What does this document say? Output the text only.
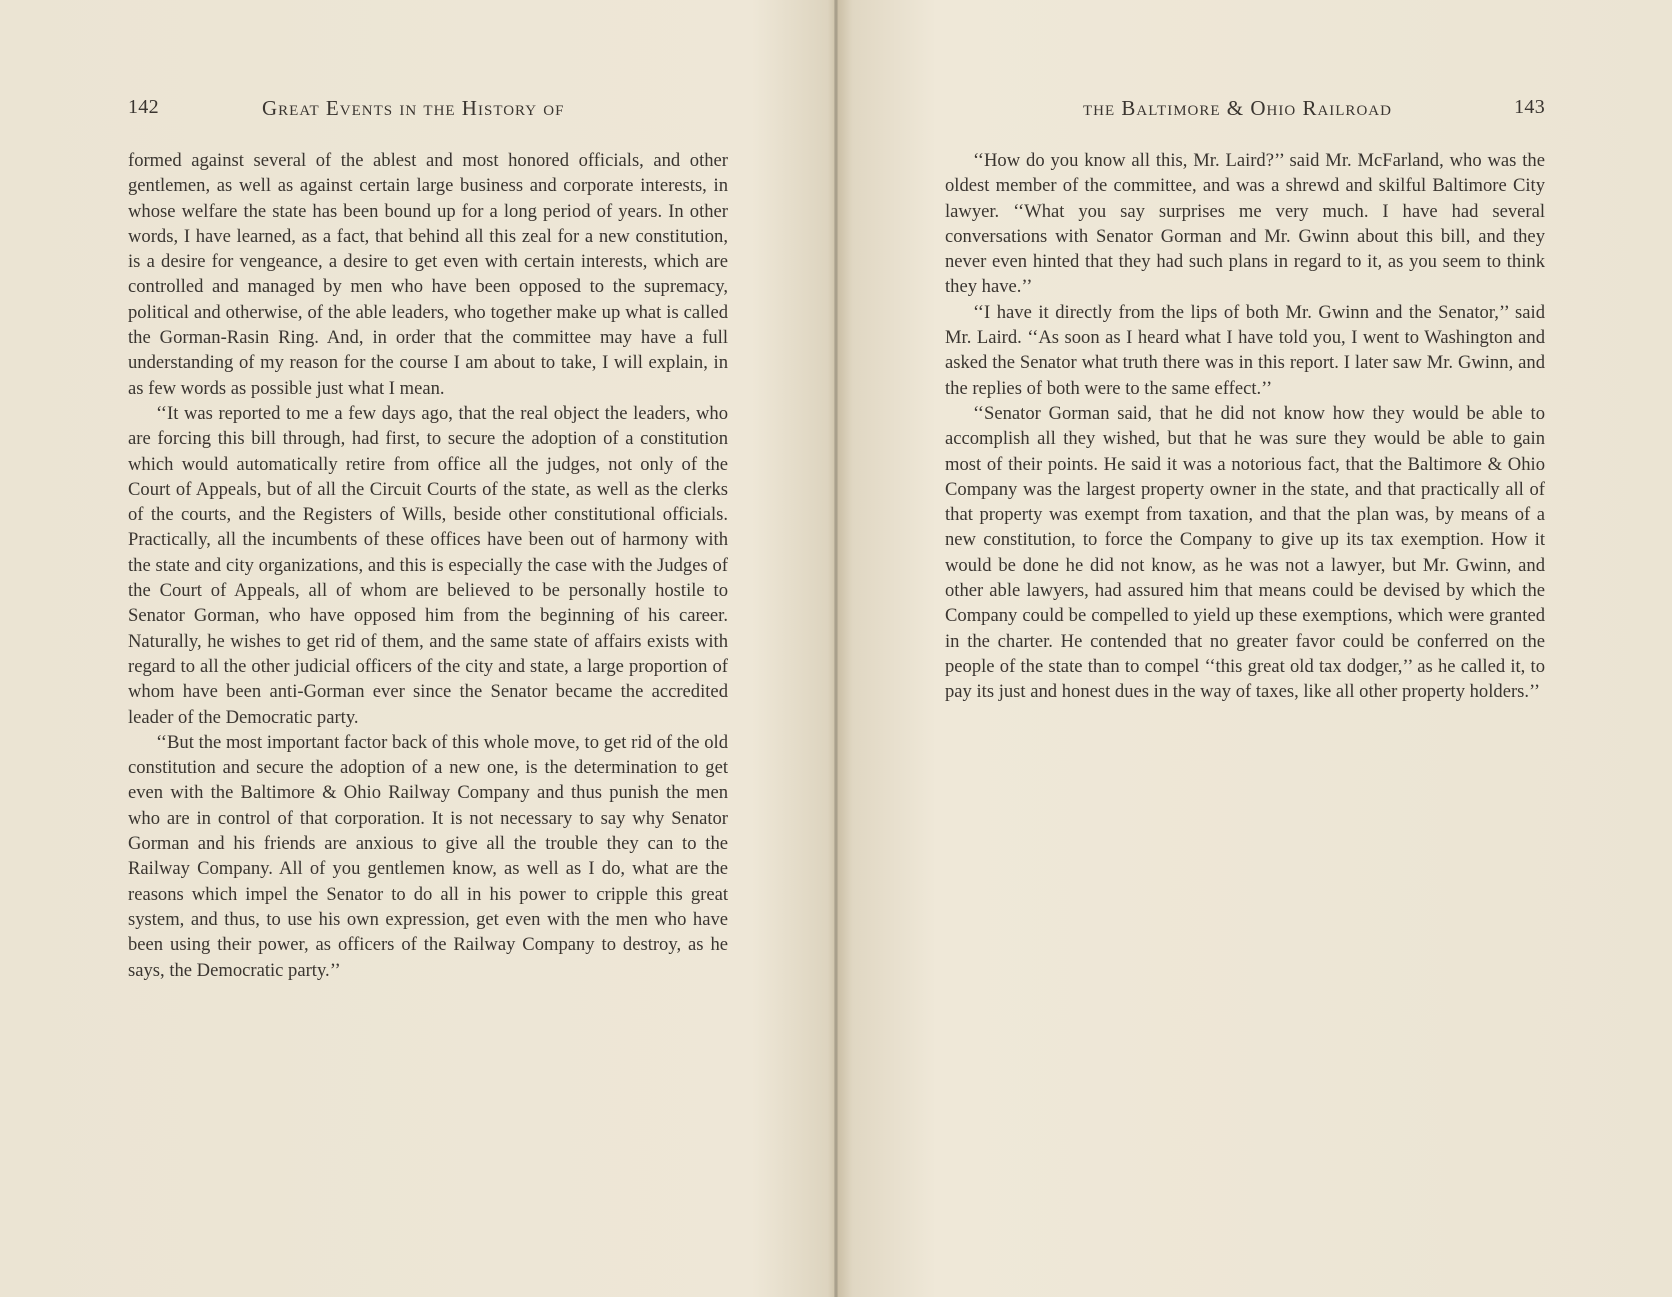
142	Great Events in the History of

formed against several of the ablest and most honored officials, and other gentlemen, as well as against certain large business and corporate interests, in whose welfare the state has been bound up for a long period of years. In other words, I have learned, as a fact, that behind all this zeal for a new constitution, is a desire for vengeance, a desire to get even with certain interests, which are controlled and managed by men who have been opposed to the supremacy, political and otherwise, of the able leaders, who together make up what is called the Gorman-Rasin Ring. And, in order that the committee may have a full understanding of my reason for the course I am about to take, I will explain, in as few words as possible just what I mean.

‘‘It was reported to me a few days ago, that the real object the leaders, who are forcing this bill through, had first, to secure the adoption of a constitution which would automatically retire from office all the judges, not only of the Court of Appeals, but of all the Circuit Courts of the state, as well as the clerks of the courts, and the Registers of Wills, beside other constitutional officials. Practically, all the incumbents of these offices have been out of harmony with the state and city organizations, and this is especially the case with the Judges of the Court of Appeals, all of whom are believed to be personally hostile to Senator Gorman, who have opposed him from the beginning of his career. Naturally, he wishes to get rid of them, and the same state of affairs exists with regard to all the other judicial officers of the city and state, a large proportion of whom have been anti-Gorman ever since the Senator became the accredited leader of the Democratic party.

‘‘But the most important factor back of this whole move, to get rid of the old constitution and secure the adoption of a new one, is the determination to get even with the Baltimore & Ohio Railway Company and thus punish the men who are in control of that corporation. It is not necessary to say why Senator Gorman and his friends are anxious to give all the trouble they can to the Railway Company. All of you gentlemen know, as well as I do, what are the reasons which impel the Senator to do all in his power to cripple this great system, and thus, to use his own expression, get even with the men who have been using their power, as officers of the Railway Company to destroy, as he says, the Democratic party.’’

the Baltimore & Ohio Railroad	143

‘‘How do you know all this, Mr. Laird?’’ said Mr. McFarland, who was the oldest member of the committee, and was a shrewd and skilful Baltimore City lawyer. ‘‘What you say surprises me very much. I have had several conversations with Senator Gorman and Mr. Gwinn about this bill, and they never even hinted that they had such plans in regard to it, as you seem to think they have.’’

‘‘I have it directly from the lips of both Mr. Gwinn and the Senator,’’ said Mr. Laird. ‘‘As soon as I heard what I have told you, I went to Washington and asked the Senator what truth there was in this report. I later saw Mr. Gwinn, and the replies of both were to the same effect.’’

‘‘Senator Gorman said, that he did not know how they would be able to accomplish all they wished, but that he was sure they would be able to gain most of their points. He said it was a notorious fact, that the Baltimore & Ohio Company was the largest property owner in the state, and that practically all of that property was exempt from taxation, and that the plan was, by means of a new constitution, to force the Company to give up its tax exemption. How it would be done he did not know, as he was not a lawyer, but Mr. Gwinn, and other able lawyers, had assured him that means could be devised by which the Company could be compelled to yield up these exemptions, which were granted in the charter. He contended that no greater favor could be conferred on the people of the state than to compel ‘‘this great old tax dodger,’’ as he called it, to pay its just and honest dues in the way of taxes, like all other property holders.’’
